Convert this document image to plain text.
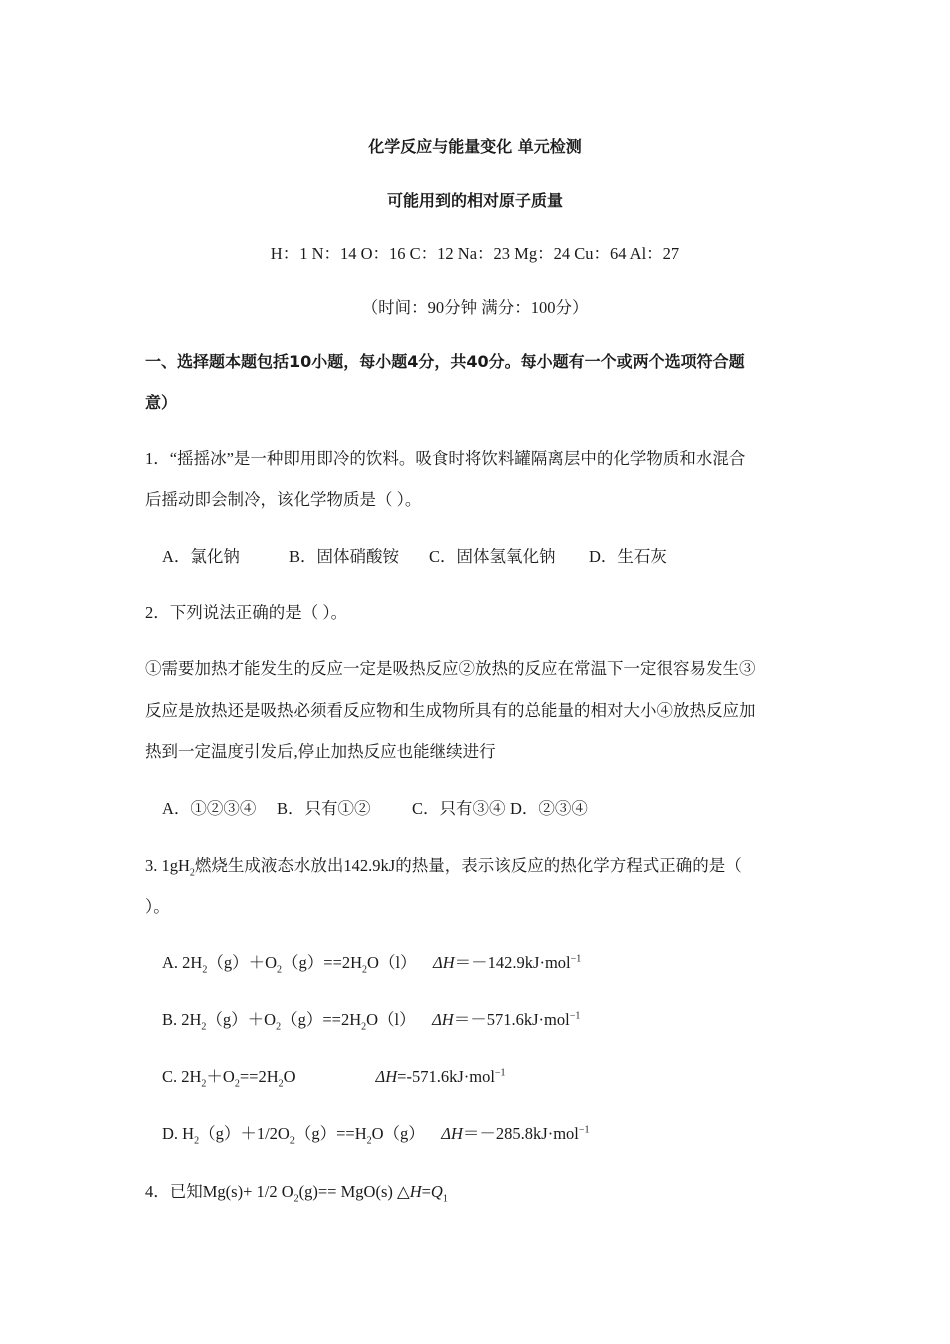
化学反应与能量变化 单元检测
可能用到的相对原子质量
H：1 N：14 O：16 C：12 Na：23 Mg：24 Cu：64 Al：27
（时间：90分钟 满分：100分）
一、选择题本题包括10小题，每小题4分，共40分。每小题有一个或两个选项符合题
意）
1．“摇摇冰”是一种即用即冷的饮料。吸食时将饮料罐隔离层中的化学物质和水混合
后摇动即会制冷，该化学物质是（ ）。
A．氯化钠	B．固体硝酸铵 C．固体氢氧化钠 D．生石灰
2．下列说法正确的是（ ）。
①需要加热才能发生的反应一定是吸热反应②放热的反应在常温下一定很容易发生③
反应是放热还是吸热必须看反应物和生成物所具有的总能量的相对大小④放热反应加
热到一定温度引发后,停止加热反应也能继续进行
A．①②③④ B．只有①②	C．只有③④ D．②③④
3. $1gH_2$燃烧生成液态水放出142.9kJ的热量，表示该反应的热化学方程式正确的是（
）。
A. $2H_2(g)+O_2(g)==2H_2O(l)$ ΔH＝－142.9kJ·mol$^{-1}$
B. $2H_2(g)+O_2(g)==2H_2O(l)$ ΔH＝－571.6kJ·mol$^{-1}$
C. $2H_2+O_2==2H_2O$	ΔH=-571.6kJ·mol$^{-1}$
D. $H_2(g)+1/2O_2(g)==H_2O(g)$ ΔH＝－285.8kJ·mol$^{-1}$
4．已知Mg(s)+ 1/2 $O_2(g)== MgO(s)$ $\triangle H=Q_1$
